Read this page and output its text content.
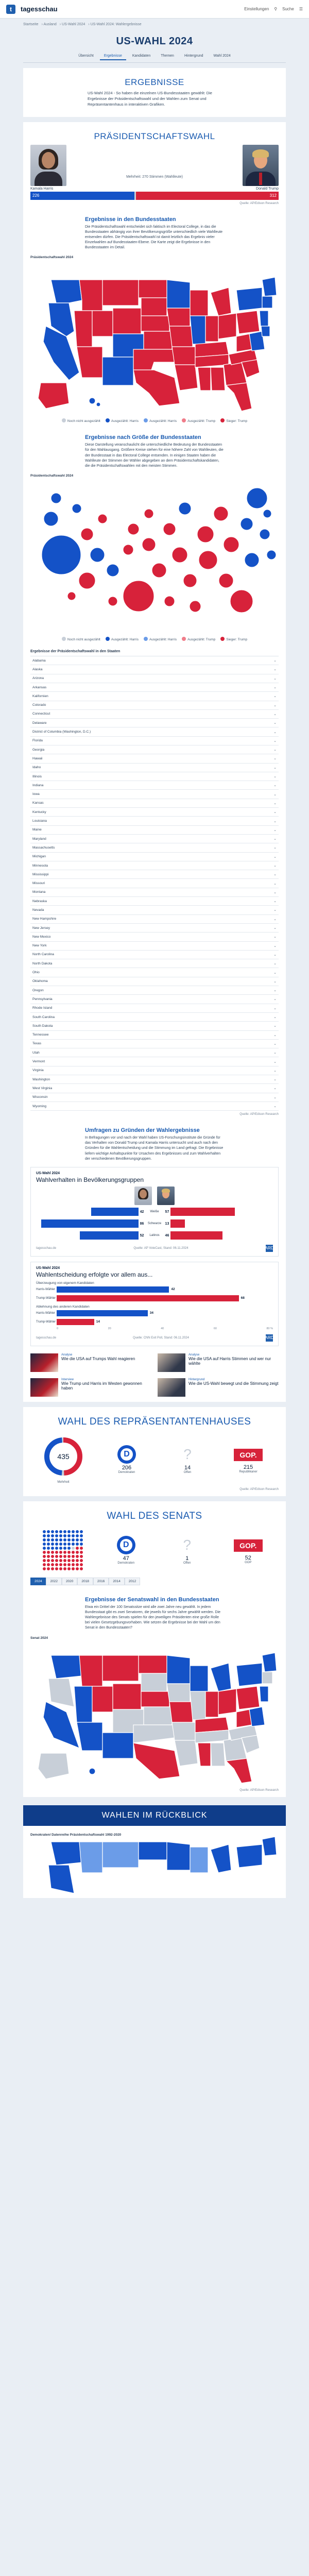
t	tagesschau	Einstellungen ⚲ Suche ☰
Startseite › Ausland › US-Wahl 2024 › US-Wahl 2024: Wahlergebnisse
US-WAHL 2024
Übersicht	Ergebnisse	Kandidaten	Themen	Hintergrund	Wahl 2024
ERGEBNISSE

US-Wahl 2024 - So haben die einzelnen US-Bundesstaaten gewählt: Die Ergebnisse der Präsidentschaftswahl und der Wahlen zum Senat und Repräsentantenhaus in interaktiven Grafiken.

PRÄSIDENTSCHAFTSWAHL
Mehrheit: 270 Stimmen (Wahlleute)
Kamala Harris	Donald Trump
226	312
Quelle: AP/Edison Research
Ergebnisse in den Bundesstaaten

Die Präsidentschaftswahl entscheidet sich faktisch im Electoral College, in das die Bundesstaaten abhängig von ihrer Bevölkerungsgröße unterschiedlich viele Wahlleute entsenden dürfen. Die Präsidentschaftswahl ist damit letztlich das Ergebnis vieler Einzelwahlen auf Bundesstaaten-Ebene. Die Karte zeigt die Ergebnisse in den Bundesstaaten im Detail.

Präsidentschaftswahl 2024
Noch nicht ausgezählt	Ausgezählt: Harris	Ausgezählt: Harris	Ausgezählt: Trump	Sieger: Trump
Ergebnisse nach Größe der Bundesstaaten

Diese Darstellung veranschaulicht die unterschiedliche Bedeutung der Bundesstaaten für den Wahlausgang. Größere Kreise stehen für eine höhere Zahl von Wahlleuten, die der Bundesstaat in das Electoral College entsenden. In einigen Staaten haben die Wahlleute der Stimmen der Wähler abgegeben an dem Präsidentschaftskandidaten, die die Präsidentschaftswahlen mit den meisten Stimmen.

Präsidentschaftswahl 2024
Noch nicht ausgezählt	Ausgezählt: Harris	Ausgezählt: Harris	Ausgezählt: Trump	Sieger: Trump
Ergebnisse der Präsidentschaftswahl in den Staaten
Alabama	⌄
Alaska	⌄
Arizona	⌄
Arkansas	⌄
Kalifornien	⌄
Colorado	⌄
Connecticut	⌄
Delaware	⌄
District of Columbia (Washington, D.C.)	⌄
Florida	⌄
Georgia	⌄
Hawaii	⌄
Idaho	⌄
Illinois	⌄
Indiana	⌄
Iowa	⌄
Kansas	⌄
Kentucky	⌄
Louisiana	⌄
Maine	⌄
Maryland	⌄
Massachusetts	⌄
Michigan	⌄
Minnesota	⌄
Mississippi	⌄
Missouri	⌄
Montana	⌄
Nebraska	⌄
Nevada	⌄
New Hampshire	⌄
New Jersey	⌄
New Mexico	⌄
New York	⌄
North Carolina	⌄
North Dakota	⌄
Ohio	⌄
Oklahoma	⌄
Oregon	⌄
Pennsylvania	⌄
Rhode Island	⌄
South Carolina	⌄
South Dakota	⌄
Tennessee	⌄
Texas	⌄
Utah	⌄
Vermont	⌄
Virginia	⌄
Washington	⌄
West Virginia	⌄
Wisconsin	⌄
Wyoming	⌄
Quelle: AP/Edison Research
Umfragen zu Gründen der Wahlergebnisse

In Befragungen vor und nach der Wahl haben US-Forschungsinstitute die Gründe für das Verhalten von Donald Trump und Kamala Harris untersucht und auch nach den Gründen für die Wahlentscheidung und die Stimmung im Land gefragt. Die Ergebnisse liefern wichtige Anhaltspunkte für Ursachen des Ergebnisses und zum Wahlverhalten der verschiedenen Bevölkerungsgruppen.

US-Wahl 2024
Wahlverhalten in Bevölkerungsgruppen
42	Weiße	57
86	Schwarze	13
52	Latinos	46
tagesschau.de	Quelle: AP VoteCast, Stand: 06.11.2024	ARD
US-Wahl 2024
Wahlentscheidung erfolgte vor allem aus...
Überzeugung von eigenem Kandidaten
Harris-Wähler	42
Trump-Wähler	68
Ablehnung des anderen Kandidaten
Harris-Wähler	34
Trump-Wähler	14
0	20	40	60	80 %
tagesschau.de	Quelle: CNN Exit Poll, Stand: 06.11.2024	ARD
Analyse
Wie die USA auf Trumps Wahl reagieren
Analyse
Wie die USA auf Harris Stimmen und wer nur wählte
Interview
Wie Trump und Harris im Westen gewonnen haben
Hintergrund
Wie die US-Wahl bewegt und die Stimmung zeigt
WAHL DES REPRÄSENTANTENHAUSES
435
Mehrheit
D
206
Demokraten
?
14
Offen
GOP.
215
Republikaner
Quelle: AP/Edison Research
WAHL DES SENATS
D
47
Demokraten
?
1
Offen
GOP.
52
GOP
2024	2022	2020	2018	2016	2014	2012
Ergebnisse der Senatswahl in den Bundesstaaten

Etwa ein Drittel der 100 Senatssitze wird alle zwei Jahre neu gewählt. In jedem Bundesstaat gibt es zwei Senatoren, die jeweils für sechs Jahre gewählt werden. Die Wahlergebnisse des Senats spielen für den jeweiligen Präsidenten eine große Rolle bei vielen Gesetzgebungsvorhaben. Wie setzen die Ergebnisse bei der Wahl um den Senat in den Bundesstaaten?

Senat 2024
Quelle: AP/Edison Research
WAHLEN IM RÜCKBLICK
Demokraten/ Datenreihe Präsidentschaftswahl 1992-2020
